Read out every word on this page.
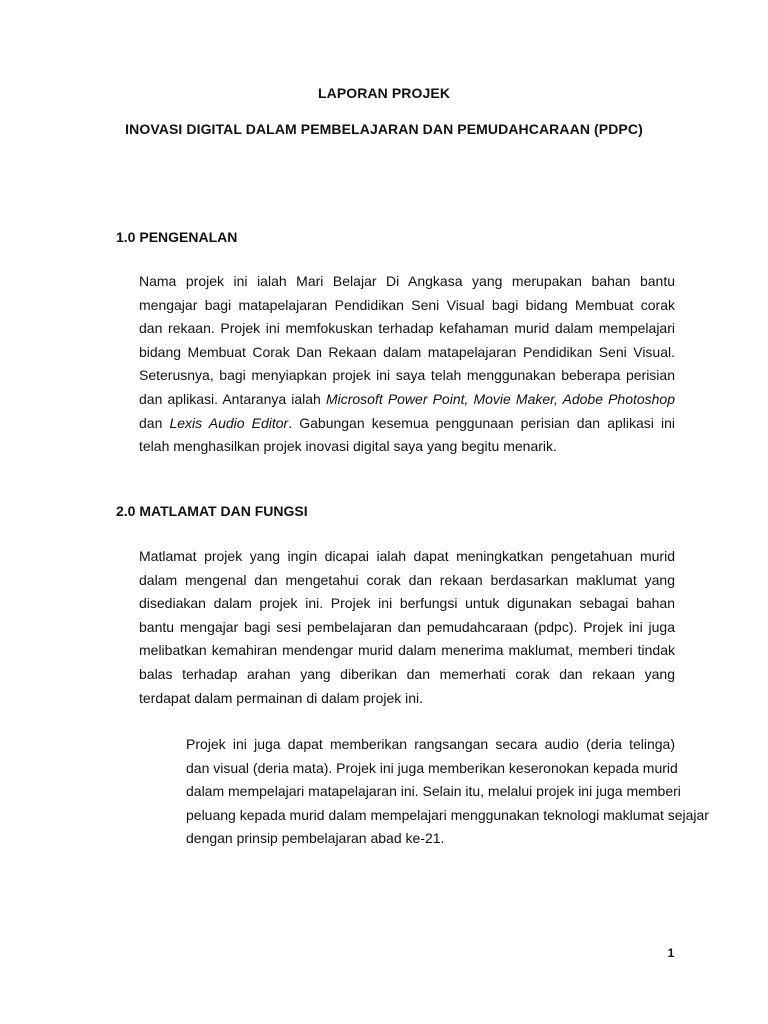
LAPORAN PROJEK
INOVASI DIGITAL DALAM PEMBELAJARAN DAN PEMUDAHCARAAN (PDPC)
1.0 PENGENALAN
Nama projek ini ialah Mari Belajar Di Angkasa yang merupakan bahan bantu
mengajar bagi matapelajaran Pendidikan Seni Visual bagi bidang Membuat corak
dan rekaan. Projek ini memfokuskan terhadap kefahaman murid dalam mempelajari
bidang Membuat Corak Dan Rekaan dalam matapelajaran Pendidikan Seni Visual.
Seterusnya, bagi menyiapkan projek ini saya telah menggunakan beberapa perisian
dan aplikasi. Antaranya ialah Microsoft Power Point, Movie Maker, Adobe Photoshop
dan Lexis Audio Editor. Gabungan kesemua penggunaan perisian dan aplikasi ini
telah menghasilkan projek inovasi digital saya yang begitu menarik.
2.0 MATLAMAT DAN FUNGSI
Matlamat projek yang ingin dicapai ialah dapat meningkatkan pengetahuan murid
dalam mengenal dan mengetahui corak dan rekaan berdasarkan maklumat yang
disediakan dalam projek ini. Projek ini berfungsi untuk digunakan sebagai bahan
bantu mengajar bagi sesi pembelajaran dan pemudahcaraan (pdpc). Projek ini juga
melibatkan kemahiran mendengar murid dalam menerima maklumat, memberi tindak
balas terhadap arahan yang diberikan dan memerhati corak dan rekaan yang
terdapat dalam permainan di dalam projek ini.
Projek ini juga dapat memberikan rangsangan secara audio (deria telinga)
dan visual (deria mata). Projek ini juga memberikan keseronokan kepada murid
dalam mempelajari matapelajaran ini. Selain itu, melalui projek ini juga memberi
peluang kepada murid dalam mempelajari menggunakan teknologi maklumat sejajar
dengan prinsip pembelajaran abad ke-21.
1
